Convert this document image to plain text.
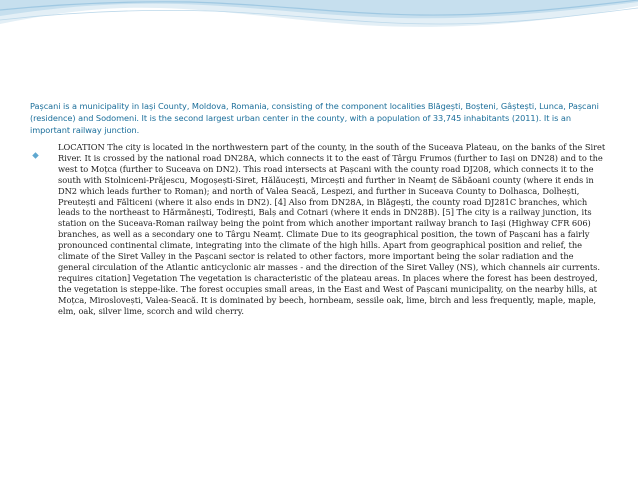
Pașcani is a municipality in Iași County, Moldova, Romania, consisting of the component localities Blăgești, Boșteni, Gâștești, Lunca, Pașcani (residence) and Sodomeni. It is the second largest urban center in the county, with a population of 33,745 inhabitants (2011). It is an important railway junction.

LOCATION The city is located in the northwestern part of the county, in the south of the Suceava Plateau, on the banks of the Siret River. It is crossed by the national road DN28A, which connects it to the east of Târgu Frumos (further to Iași on DN28) and to the west to Moțca (further to Suceava on DN2). This road intersects at Pașcani with the county road DJ208, which connects it to the south with Stolniceni-Prăjescu, Mogoșești-Siret, Hălăucești, Mircești and further in Neamț de Săbăoani county (where it ends in DN2 which leads further to Roman); and north of Valea Seacă, Lespezi, and further in Suceava County to Dolhasca, Dolhești, Preutești and Fălticeni (where it also ends in DN2). [4] Also from DN28A, in Blăgești, the county road DJ281C branches, which leads to the northeast to Hărmănești, Todirești, Balș and Cotnari (where it ends in DN28B). [5] The city is a railway junction, its station on the Suceava-Roman railway being the point from which another important railway branch to Iași (Highway CFR 606) branches, as well as a secondary one to Târgu Neamț. Climate Due to its geographical position, the town of Pașcani has a fairly pronounced continental climate, integrating into the climate of the high hills. Apart from geographical position and relief, the climate of the Siret Valley in the Pașcani sector is related to other factors, more important being the solar radiation and the general circulation of the Atlantic anticyclonic air masses - and the direction of the Siret Valley (NS), which channels air currents. requires citation] Vegetation The vegetation is characteristic of the plateau areas. In places where the forest has been destroyed, the vegetation is steppe-like. The forest occupies small areas, in the East and West of Pașcani municipality, on the nearby hills, at Moțca, Miroslovești, Valea-Seacă. It is dominated by beech, hornbeam, sessile oak, lime, birch and less frequently, maple, maple, elm, oak, silver lime, scorch and wild cherry.
